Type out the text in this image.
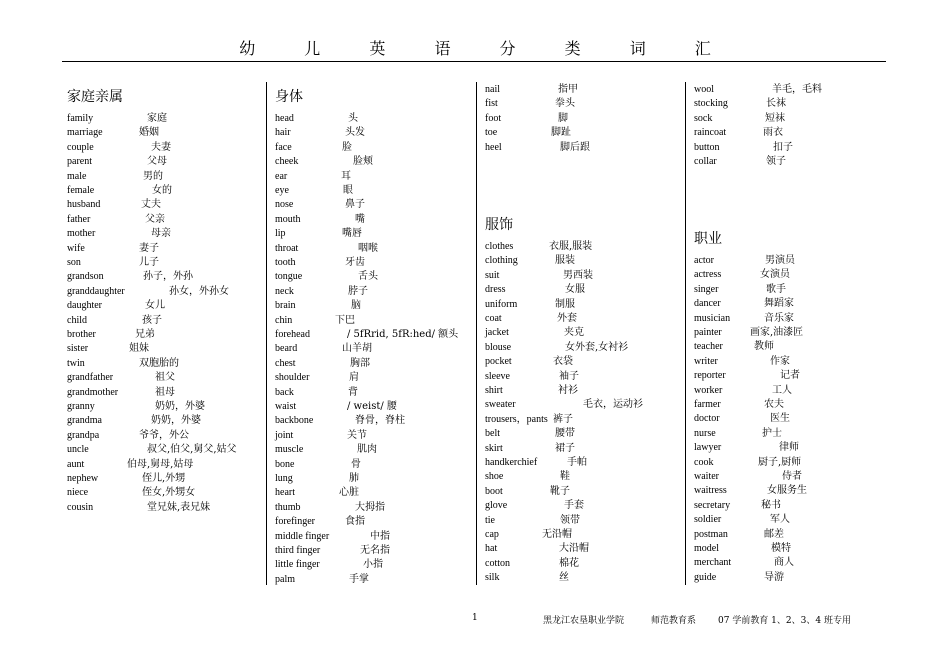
幼 儿 英 语 分 类 词 汇
家庭亲属
family	家庭
marriage	婚姻
couple	夫妻
parent	父母
male	男的
female	女的
husband	丈夫
father	父亲
mother	母亲
wife	妻子
son	儿子
grandson	孙子，外孙
granddaughter	孙女，外孙女
daughter	女儿
child	孩子
brother	兄弟
sister	姐妹
twin	双胞胎的
grandfather	祖父
grandmother	祖母
granny	奶奶，外婆
grandma	奶奶，外婆
grandpa	爷爷，外公
uncle	叔父,伯父,舅父,姑父
aunt	伯母,舅母,姑母
nephew	侄儿,外甥
niece	侄女,外甥女
cousin	堂兄妹,表兄妹
身体
head	头
hair	头发
face	脸
cheek	脸颊
ear	耳
eye	眼
nose	鼻子
mouth	嘴
lip	嘴唇
throat	咽喉
tooth	牙齿
tongue	舌头
neck	脖子
brain	脑
chin	下巴
forehead	/ 5fRrid, 5fR:hed/ 额头
beard	山羊胡
chest	胸部
shoulder	肩
back	背
waist	/ weist/ 腰
backbone	脊骨，脊柱
joint	关节
muscle	肌肉
bone	骨
lung	肺
heart	心脏
thumb	大拇指
forefinger	食指
middle finger	中指
third finger	无名指
little finger	小指
palm	手掌
nail	指甲
fist	拳头
foot	脚
toe	脚趾
heel	脚后跟
服饰
clothes	衣服,服装
clothing	服装
suit	男西装
dress	女服
uniform	制服
coat	外套
jacket	夹克
blouse	女外套,女衬衫
pocket	衣袋
sleeve	袖子
shirt	衬衫
sweater	毛衣，运动衫
trousers，pants 裤子
belt	腰带
skirt	裙子
handkerchief	手帕
shoe	鞋
boot	靴子
glove	手套
tie	领带
cap	无沿帽
hat	大沿帽
cotton	棉花
silk	丝
wool	羊毛，毛料
stocking	长袜
sock	短袜
raincoat	雨衣
button	扣子
collar	领子
职业
actor	男演员
actress	女演员
singer	歌手
dancer	舞蹈家
musician	音乐家
painter	画家,油漆匠
teacher	教师
writer	作家
reporter	记者
worker	工人
farmer	农夫
doctor	医生
nurse	护士
lawyer	律师
cook	厨子,厨师
waiter	侍者
waitress	女服务生
secretary	秘书
soldier	军人
postman	邮差
model	模特
merchant	商人
guide	导游
1	黑龙江农垦职业学院	师范教育系 07 学前教育 1、2、3、4 班专用
